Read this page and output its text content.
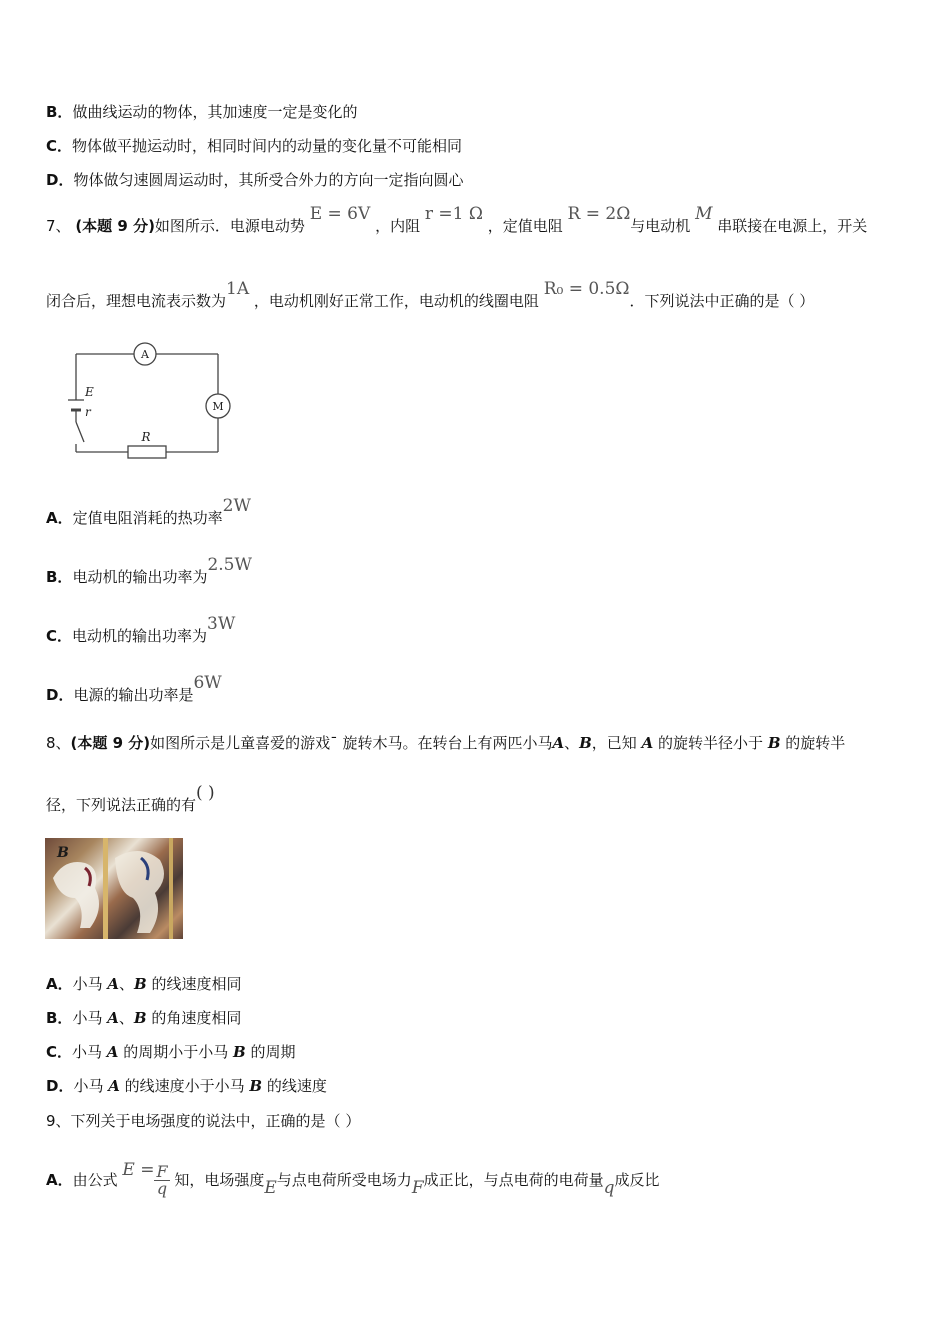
B．做曲线运动的物体，其加速度一定是变化的
C．物体做平抛运动时，相同时间内的动量的变化量不可能相同
D．物体做匀速圆周运动时，其所受合外力的方向一定指向圆心
7、 (本题 9 分)如图所示．电源电动势 E = 6V ，内阻 r =1 Ω ，定值电阻 R = 2Ω与电动机 M 串联接在电源上，开关
闭合后，理想电流表示数为1A ，电动机刚好正常工作，电动机的线圈电阻 R₀ = 0.5Ω．下列说法中正确的是（ ）
A
M
E
r
R
A．定值电阻消耗的热功率2W
B．电动机的输出功率为2.5W
C．电动机的输出功率为3W
D．电源的输出功率是6W
8、(本题 9 分)如图所示是儿童喜爱的游戏ˉ 旋转木马。在转台上有两匹小马A、B，已知 A 的旋转半径小于 B 的旋转半
径，下列说法正确的有( )
B
A．小马 A、B 的线速度相同
B．小马 A、B 的角速度相同
C．小马 A 的周期小于小马 B 的周期
D．小马 A 的线速度小于小马 B 的线速度
9、下列关于电场强度的说法中，正确的是（ ）
A．由公式 $E = \frac{F}{q}$ 知，电场强度E与点电荷所受电场力F成正比，与点电荷的电荷量q成反比
